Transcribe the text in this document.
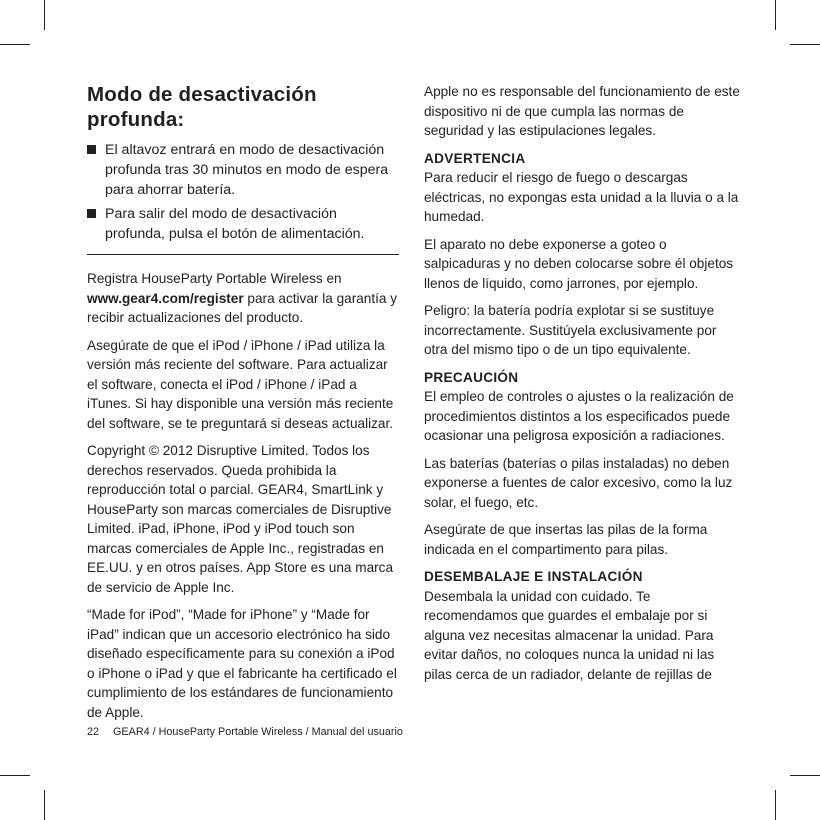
Modo de desactivación profunda:
El altavoz entrará en modo de desactivación profunda tras 30 minutos en modo de espera para ahorrar batería.
Para salir del modo de desactivación profunda, pulsa el botón de alimentación.

Registra HouseParty Portable Wireless en www.gear4.com/register para activar la garantía y recibir actualizaciones del producto.

Asegúrate de que el iPod / iPhone / iPad utiliza la versión más reciente del software. Para actualizar el software, conecta el iPod / iPhone / iPad a iTunes. Si hay disponible una versión más reciente del software, se te preguntará si deseas actualizar.

Copyright © 2012 Disruptive Limited. Todos los derechos reservados. Queda prohibida la reproducción total o parcial. GEAR4, SmartLink y HouseParty son marcas comerciales de Disruptive Limited. iPad, iPhone, iPod y iPod touch son marcas comerciales de Apple Inc., registradas en EE.UU. y en otros países. App Store es una marca de servicio de Apple Inc.

“Made for iPod”, “Made for iPhone” y “Made for iPad” indican que un accesorio electrónico ha sido diseñado específicamente para su conexión a iPod o iPhone o iPad y que el fabricante ha certificado el cumplimiento de los estándares de funcionamiento de Apple.

Apple no es responsable del funcionamiento de este dispositivo ni de que cumpla las normas de seguridad y las estipulaciones legales.

ADVERTENCIA

Para reducir el riesgo de fuego o descargas eléctricas, no expongas esta unidad a la lluvia o a la humedad.

El aparato no debe exponerse a goteo o salpicaduras y no deben colocarse sobre él objetos llenos de líquido, como jarrones, por ejemplo.

Peligro: la batería podría explotar si se sustituye incorrectamente. Sustitúyela exclusivamente por otra del mismo tipo o de un tipo equivalente.

PRECAUCIÓN

El empleo de controles o ajustes o la realización de procedimientos distintos a los especificados puede ocasionar una peligrosa exposición a radiaciones.

Las baterías (baterías o pilas instaladas) no deben exponerse a fuentes de calor excesivo, como la luz solar, el fuego, etc.

Asegúrate de que insertas las pilas de la forma indicada en el compartimento para pilas.

DESEMBALAJE E INSTALACIÓN

Desembala la unidad con cuidado. Te recomendamos que guardes el embalaje por si alguna vez necesitas almacenar la unidad. Para evitar daños, no coloques nunca la unidad ni las pilas cerca de un radiador, delante de rejillas de

22 GEAR4 / HouseParty Portable Wireless / Manual del usuario
